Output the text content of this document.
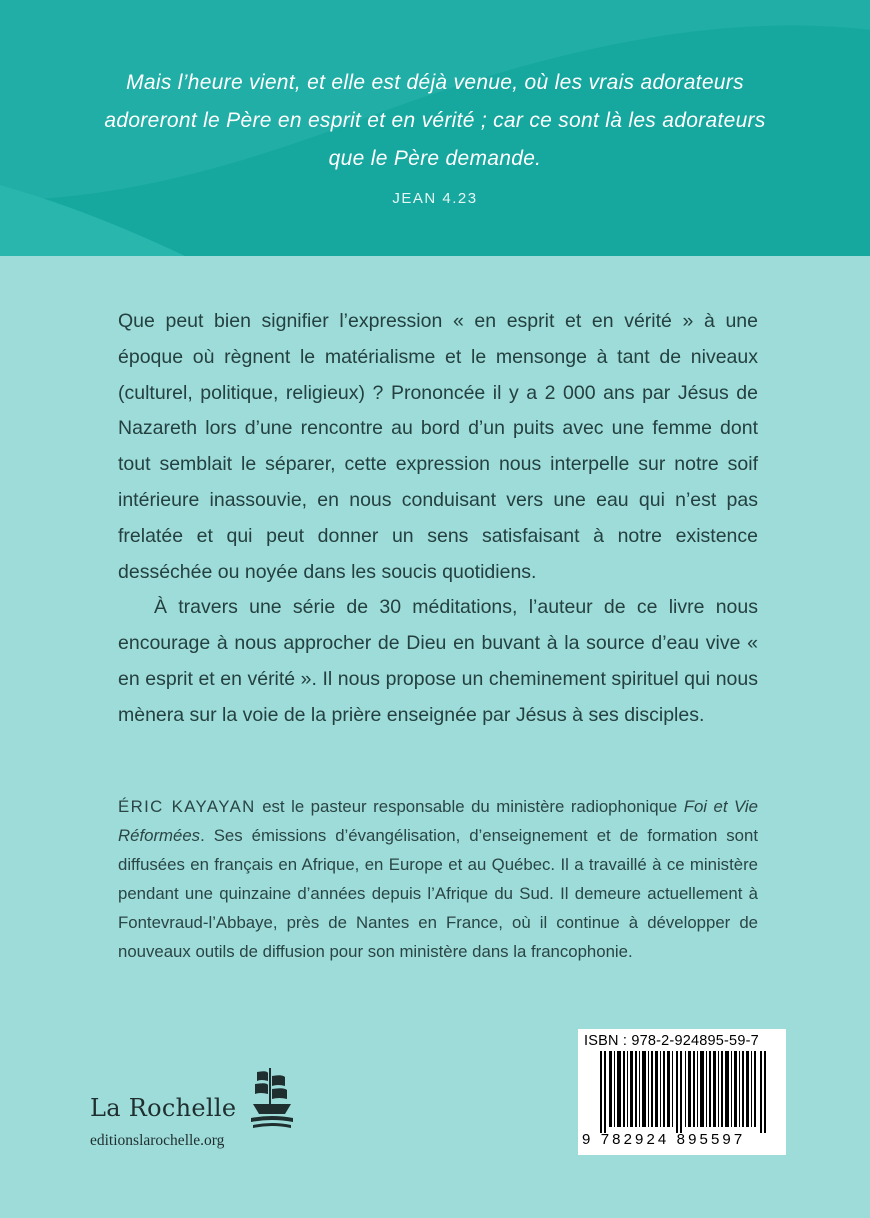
Mais l’heure vient, et elle est déjà venue, où les vrais adorateurs adoreront le Père en esprit et en vérité ; car ce sont là les adorateurs que le Père demande.
JEAN 4.23

Que peut bien signifier l’expression « en esprit et en vérité » à une époque où règnent le matérialisme et le mensonge à tant de niveaux (culturel, politique, religieux) ? Prononcée il y a 2 000 ans par Jésus de Nazareth lors d’une rencontre au bord d’un puits avec une femme dont tout semblait le séparer, cette expression nous interpelle sur notre soif intérieure inassouvie, en nous conduisant vers une eau qui n’est pas frelatée et qui peut donner un sens satisfaisant à notre existence desséchée ou noyée dans les soucis quotidiens.

À travers une série de 30 méditations, l’auteur de ce livre nous encourage à nous approcher de Dieu en buvant à la source d’eau vive « en esprit et en vérité ». Il nous propose un cheminement spirituel qui nous mènera sur la voie de la prière enseignée par Jésus à ses disciples.

ÉRIC KAYAYAN est le pasteur responsable du ministère radiophonique Foi et Vie Réformées. Ses émissions d’évangélisation, d’enseignement et de formation sont diffusées en français en Afrique, en Europe et au Québec. Il a travaillé à ce ministère pendant une quinzaine d’années depuis l’Afrique du Sud. Il demeure actuellement à Fontevraud-l’Abbaye, près de Nantes en France, où il continue à développer de nouveaux outils de diffusion pour son ministère dans la francophonie.
La Rochelle
editionslarochelle.org
ISBN : 978-2-924895-59-7
9 782924 895597
